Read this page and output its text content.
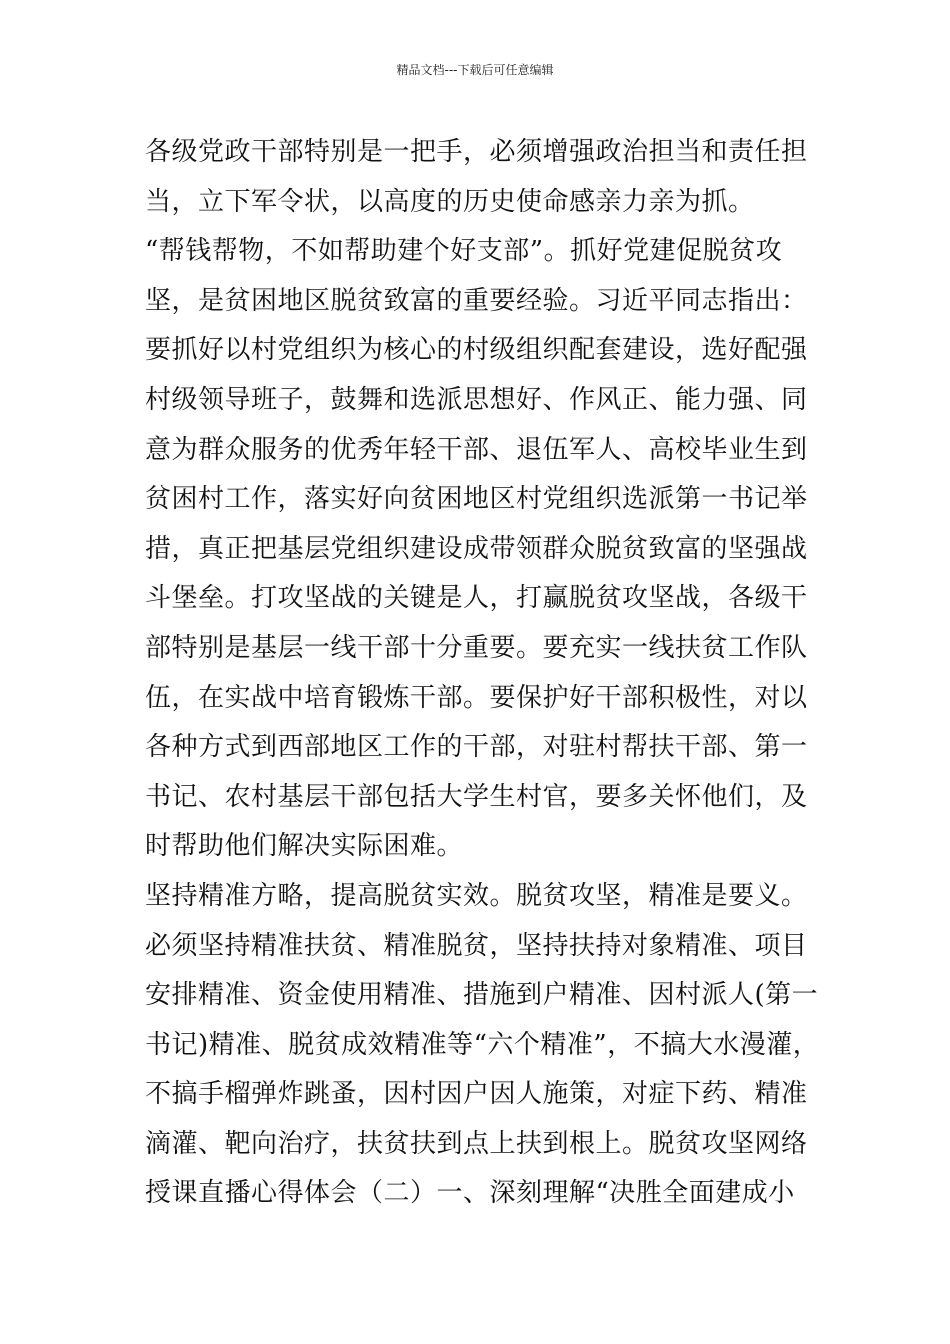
精品文档---下载后可任意编辑
各级党政干部特别是一把手，必须增强政治担当和责任担
当，立下军令状，以高度的历史使命感亲力亲为抓。
“帮钱帮物，不如帮助建个好支部”。抓好党建促脱贫攻
坚，是贫困地区脱贫致富的重要经验。习近平同志指出：
要抓好以村党组织为核心的村级组织配套建设，选好配强
村级领导班子，鼓舞和选派思想好、作风正、能力强、同
意为群众服务的优秀年轻干部、退伍军人、高校毕业生到
贫困村工作，落实好向贫困地区村党组织选派第一书记举
措，真正把基层党组织建设成带领群众脱贫致富的坚强战
斗堡垒。打攻坚战的关键是人，打赢脱贫攻坚战，各级干
部特别是基层一线干部十分重要。要充实一线扶贫工作队
伍，在实战中培育锻炼干部。要保护好干部积极性，对以
各种方式到西部地区工作的干部，对驻村帮扶干部、第一
书记、农村基层干部包括大学生村官，要多关怀他们，及
时帮助他们解决实际困难。
坚持精准方略，提高脱贫实效。脱贫攻坚，精准是要义。
必须坚持精准扶贫、精准脱贫，坚持扶持对象精准、项目
安排精准、资金使用精准、措施到户精准、因村派人(第一
书记)精准、脱贫成效精准等“六个精准”，不搞大水漫灌，
不搞手榴弹炸跳蚤，因村因户因人施策，对症下药、精准
滴灌、靶向治疗，扶贫扶到点上扶到根上。脱贫攻坚网络
授课直播心得体会（二）一、深刻理解“决胜全面建成小
